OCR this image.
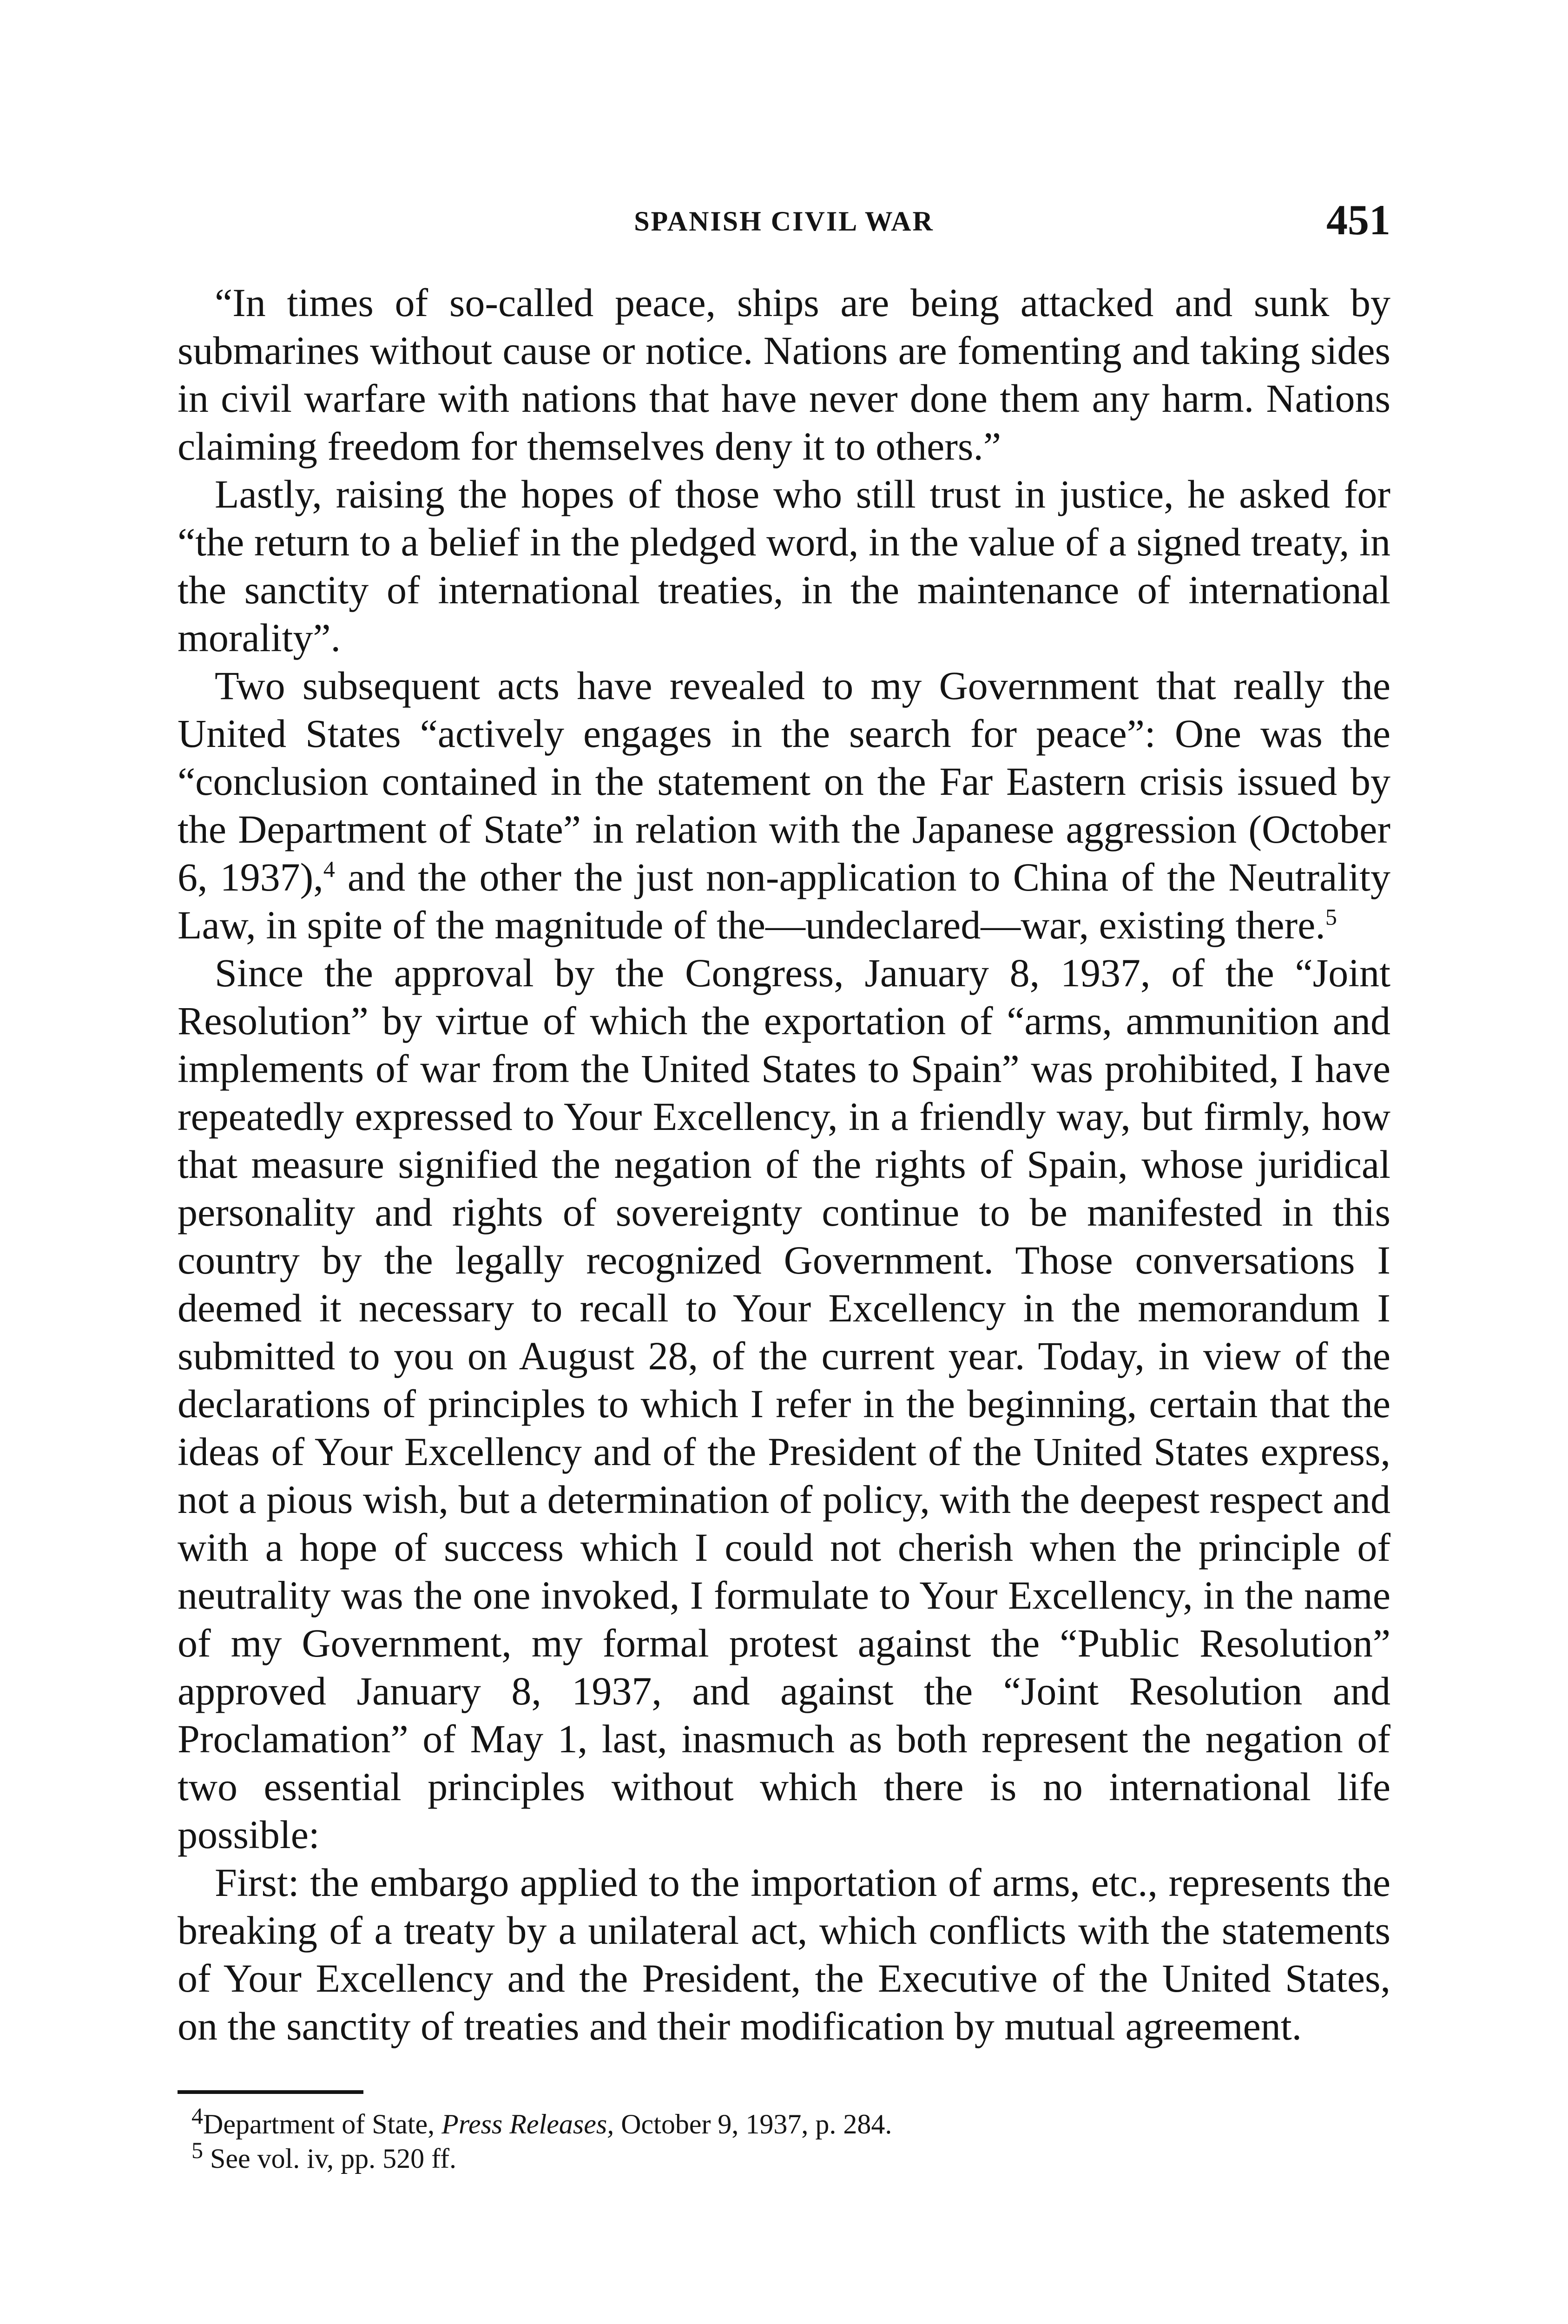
SPANISH CIVIL WAR	451

“In times of so-called peace, ships are being attacked and sunk by submarines without cause or notice. Nations are fomenting and taking sides in civil warfare with nations that have never done them any harm. Nations claiming freedom for themselves deny it to others.”

Lastly, raising the hopes of those who still trust in justice, he asked for “the return to a belief in the pledged word, in the value of a signed treaty, in the sanctity of international treaties, in the maintenance of international morality”.

Two subsequent acts have revealed to my Government that really the United States “actively engages in the search for peace”: One was the “conclusion contained in the statement on the Far Eastern crisis issued by the Department of State” in relation with the Japanese aggression (October 6, 1937),$^4$ and the other the just non-application to China of the Neutrality Law, in spite of the magnitude of the—undeclared—war, existing there.$^5$

Since the approval by the Congress, January 8, 1937, of the “Joint Resolution” by virtue of which the exportation of “arms, ammunition and implements of war from the United States to Spain” was prohibited, I have repeatedly expressed to Your Excellency, in a friendly way, but firmly, how that measure signified the negation of the rights of Spain, whose juridical personality and rights of sovereignty continue to be manifested in this country by the legally recognized Government. Those conversations I deemed it necessary to recall to Your Excellency in the memorandum I submitted to you on August 28, of the current year. Today, in view of the declarations of principles to which I refer in the beginning, certain that the ideas of Your Excellency and of the President of the United States express, not a pious wish, but a determination of policy, with the deepest respect and with a hope of success which I could not cherish when the principle of neutrality was the one invoked, I formulate to Your Excellency, in the name of my Government, my formal protest against the “Public Resolution” approved January 8, 1937, and against the “Joint Resolution and Proclamation” of May 1, last, inasmuch as both represent the negation of two essential principles without which there is no international life possible:

First: the embargo applied to the importation of arms, etc., represents the breaking of a treaty by a unilateral act, which conflicts with the statements of Your Excellency and the President, the Executive of the United States, on the sanctity of treaties and their modification by mutual agreement.

$^4$Department of State, Press Releases, October 9, 1937, p. 284.

$^5$ See vol. iv, pp. 520 ff.
